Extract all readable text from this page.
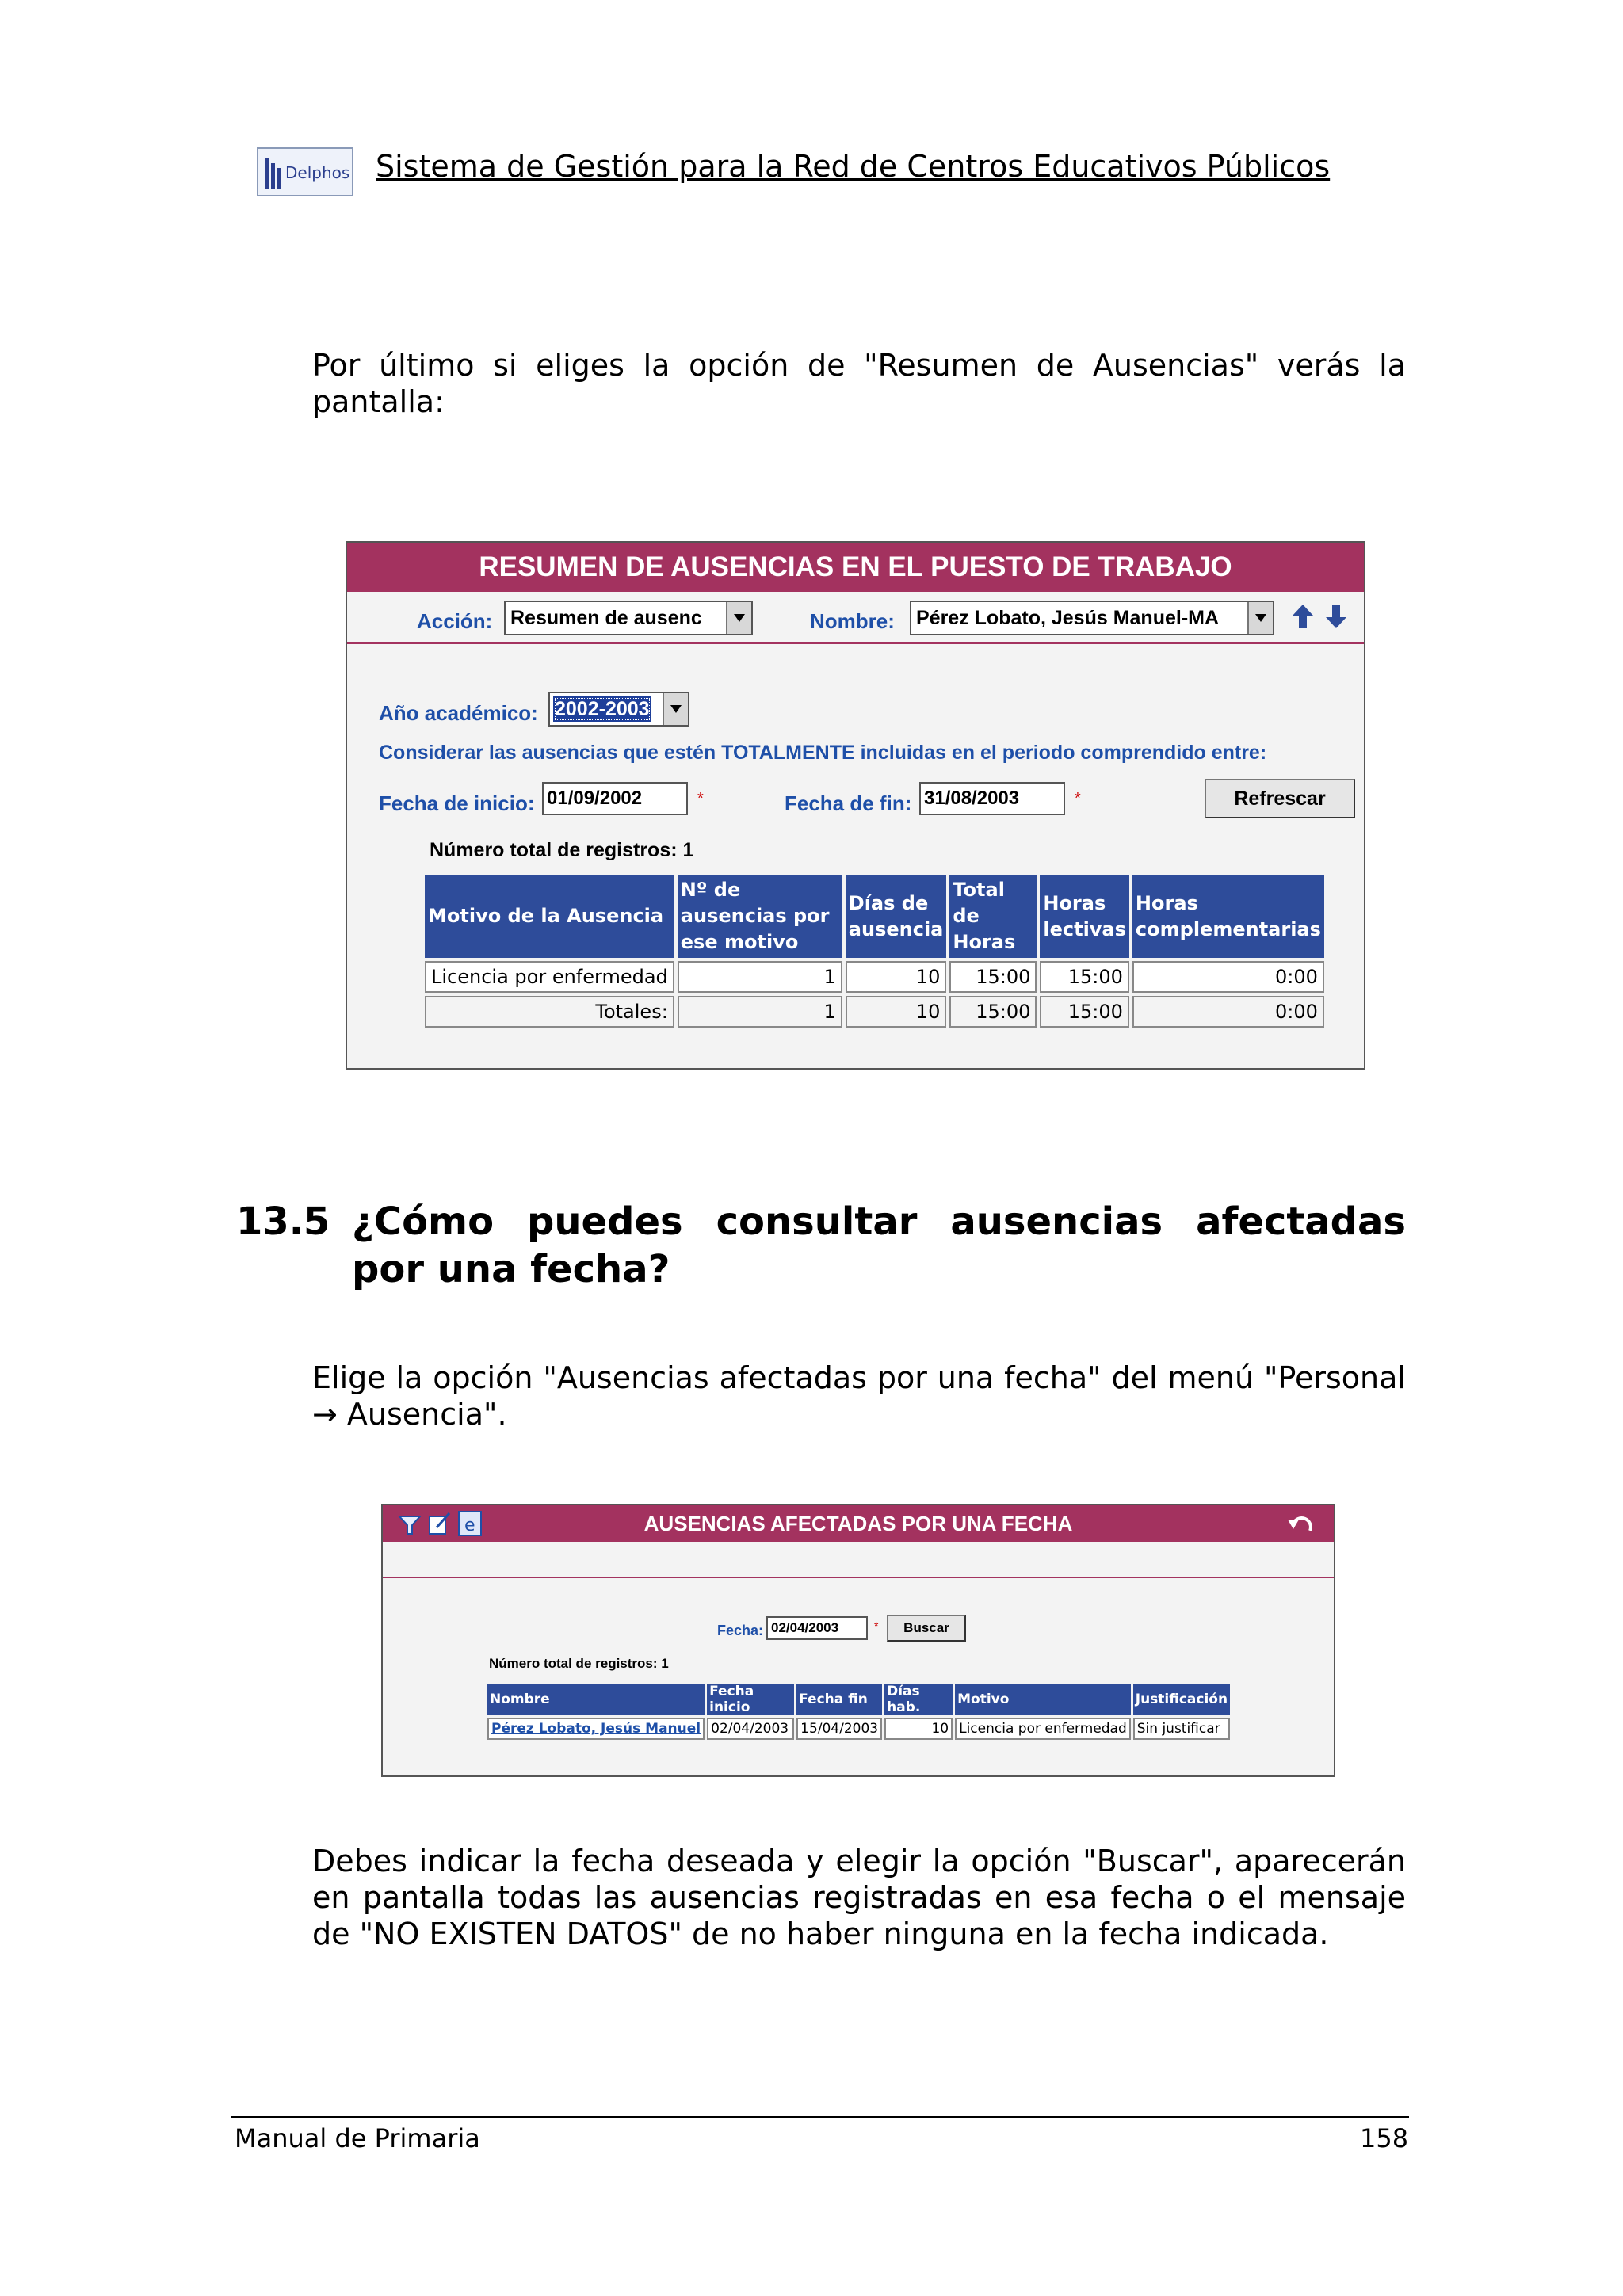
Delphos Sistema de Gestión para la Red de Centros Educativos Públicos
Por último si eliges la opción de "Resumen de Ausencias" verás la
pantalla:
RESUMEN DE AUSENCIAS EN EL PUESTO DE TRABAJO
Acción: Resumen de ausenc	Nombre:	Pérez Lobato, Jesús Manuel-MA
Año académico: 2002-2003
Considerar las ausencias que estén TOTALMENTE incluidas en el periodo comprendido entre:
Fecha de inicio: 01/09/2002	*	Fecha de fin: 31/08/2003	*	Refrescar
Número total de registros: 1
Motivo de la Ausencia	Nº de ausencias por ese motivo	Días de ausencia	Total de Horas	Horas lectivas	Horas complementarias
Licencia por enfermedad	1	10	15:00	15:00	0:00
Totales:	1	10	15:00	15:00	0:00
13.5 ¿Cómo puedes consultar ausencias afectadas
por una fecha?
Elige la opción "Ausencias afectadas por una fecha" del menú "Personal
→ Ausencia".
AUSENCIAS AFECTADAS POR UNA FECHA
e
Fecha: 02/04/2003	*	Buscar
Número total de registros: 1
Nombre	Fecha inicio	Fecha fin	Días hab.	Motivo	Justificación
Pérez Lobato, Jesús Manuel	02/04/2003	15/04/2003	10	Licencia por enfermedad	Sin justificar
Debes indicar la fecha deseada y elegir la opción "Buscar", aparecerán
en pantalla todas las ausencias registradas en esa fecha o el mensaje
de "NO EXISTEN DATOS" de no haber ninguna en la fecha indicada.
Manual de Primaria	158
